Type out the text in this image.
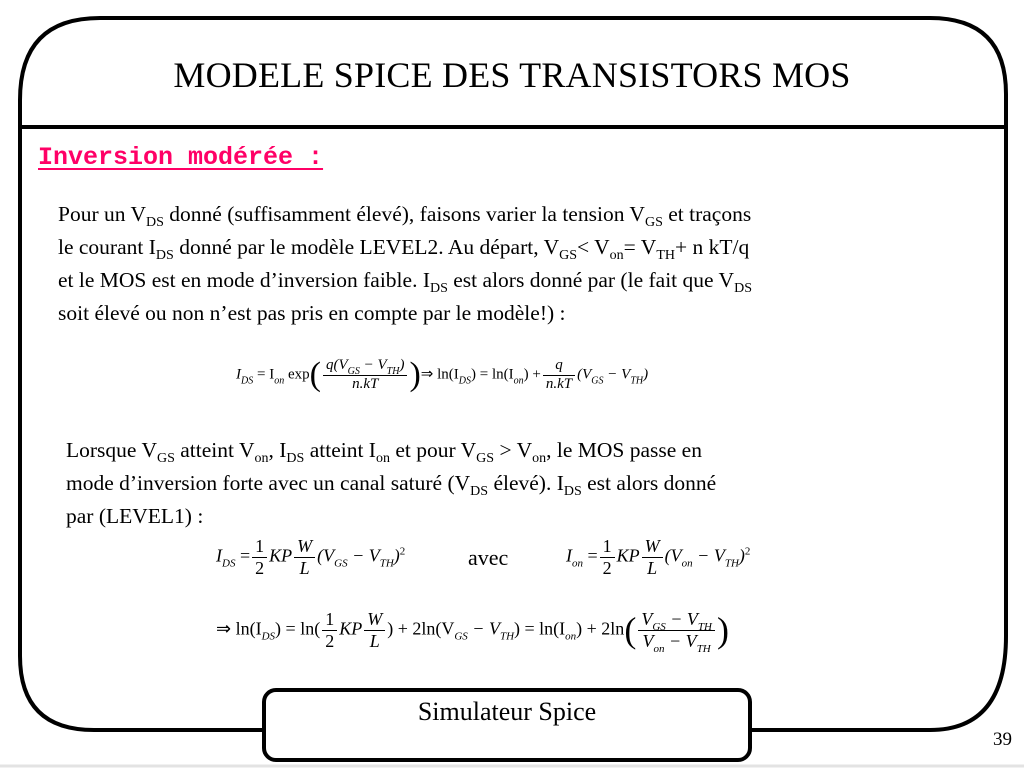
MODELE SPICE DES TRANSISTORS MOS
Inversion modérée :
Pour un $V_{DS}$ donné (suffisamment élevé), faisons varier la tension $V_{GS}$ et traçons
le courant $I_{DS}$ donné par le modèle LEVEL2. Au départ, $V_{GS}< V_{on}= V_{TH}+ n$ kT/q
et le MOS est en mode d’inversion faible. $I_{DS}$ est alors donné par (le fait que $V_{DS}$
soit élevé ou non n’est pas pris en compte par le modèle!) :
$I_{DS} = I_{on}$ $\exp( \frac{q(V_{GS} - V_{TH})}{n.kT}$ )⇒ $\ln(I_{DS}) = \ln(I_{on}) + \frac{q}{n.kT} (V_{GS} - V_{TH})$
Lorsque $V_{GS}$ atteint $V_{on}$, $I_{DS}$ atteint $I_{on}$ et pour $V_{GS} > V_{on}$, le MOS passe en
mode d’inversion forte avec un canal saturé ($V_{DS}$ élevé). $I_{DS}$ est alors donné
par (LEVEL1) :
$I_{DS} = \frac{1}{2}$ KP $\frac{W}{L} (V_{GS} - V_{TH})^2$	avec	$I_{on} = \frac{1}{2}$ KP $\frac{W}{L} (V_{on} - V_{TH})^2$
⇒ $\ln(I_{DS}) = \ln( \frac{1}{2}$ KP $\frac{W}{L}$ ) + $2\ln(V_{GS} - V_{TH}) = \ln(I_{on}) + 2\ln( \frac{V_{GS} - V_{TH}}{V_{on} - V_{TH}}$ )
Simulateur Spice
39
